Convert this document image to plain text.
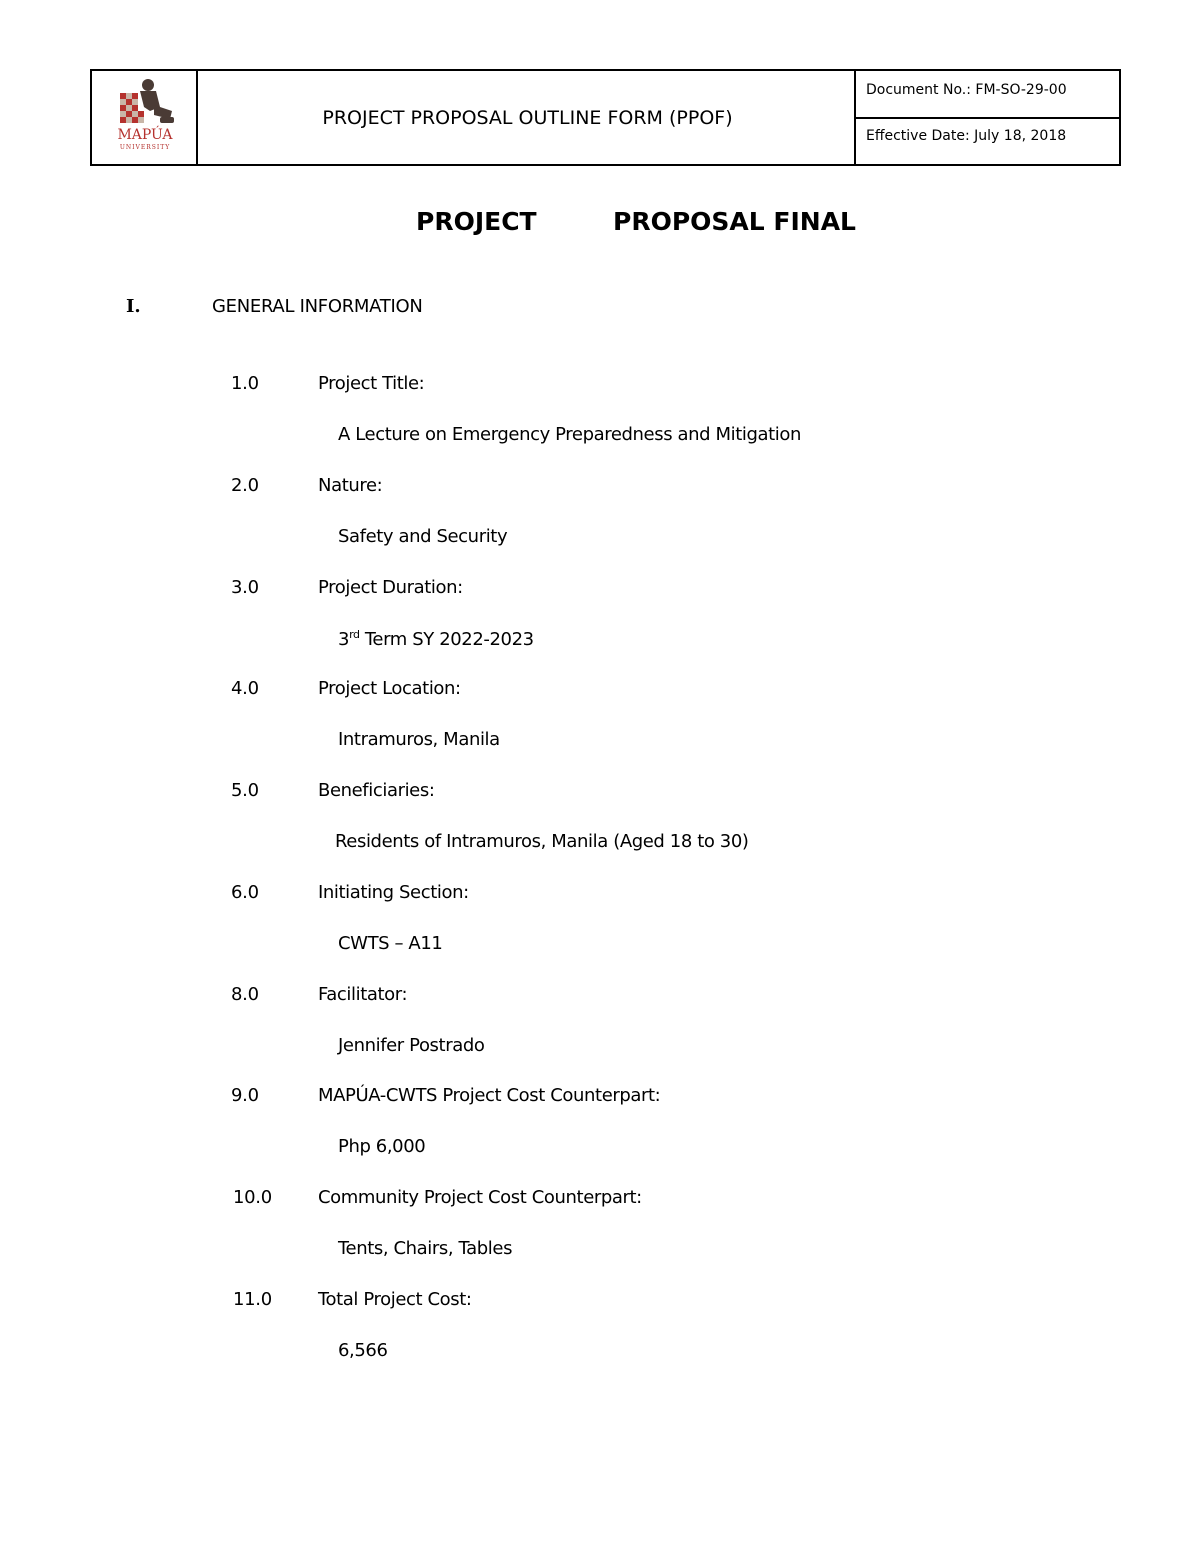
MAPÚA
UNIVERSITY
PROJECT PROPOSAL OUTLINE FORM (PPOF)
Document No.: FM-SO-29-00
Effective Date: July 18, 2018
PROJECT	PROPOSAL FINAL
I.	GENERAL INFORMATION
1.0	Project Title:
A Lecture on Emergency Preparedness and Mitigation
2.0	Nature:
Safety and Security
3.0	Project Duration:
3rd Term SY 2022-2023
4.0	Project Location:
Intramuros, Manila
5.0	Beneficiaries:
Residents of Intramuros, Manila (Aged 18 to 30)
6.0	Initiating Section:
CWTS – A11
8.0	Facilitator:
Jennifer Postrado
9.0	MAPÚA-CWTS Project Cost Counterpart:
Php 6,000
10.0	Community Project Cost Counterpart:
Tents, Chairs, Tables
11.0	Total Project Cost:
6,566
